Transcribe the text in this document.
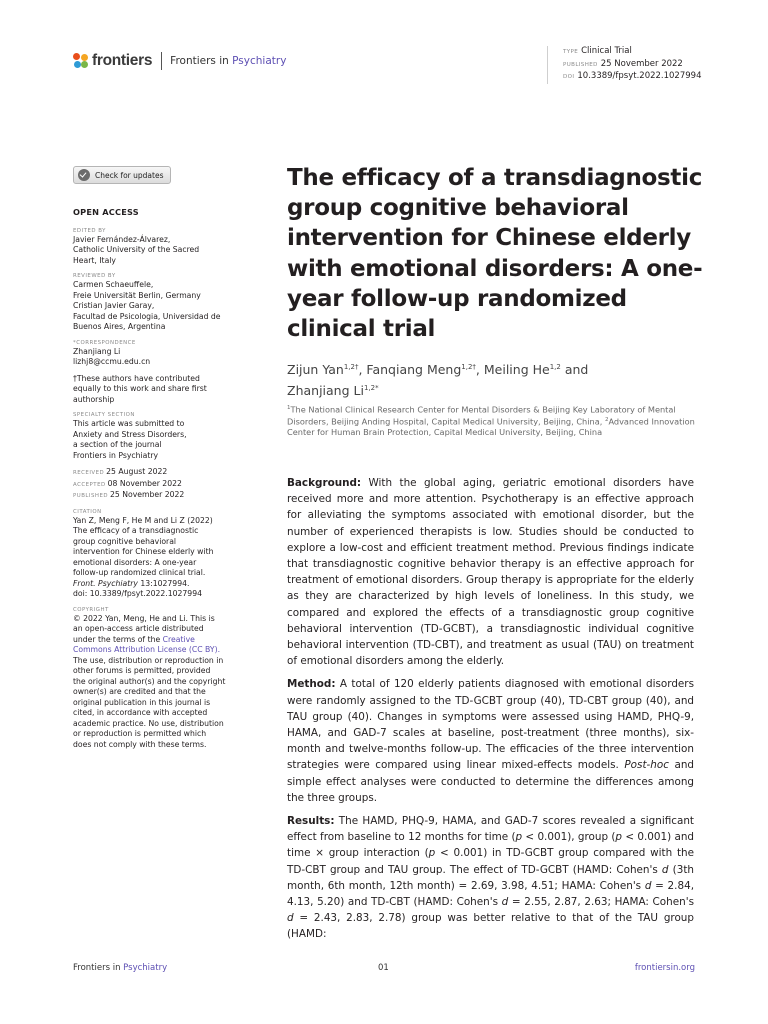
frontiers Frontiers in Psychiatry
TYPE Clinical Trial
PUBLISHED 25 November 2022
DOI 10.3389/fpsyt.2022.1027994
Check for updates
OPEN ACCESS
EDITED BY
Javier Fernández-Álvarez,
Catholic University of the Sacred
Heart, Italy
REVIEWED BY
Carmen Schaeuffele,
Freie Universität Berlin, Germany
Cristian Javier Garay,
Facultad de Psicologia, Universidad de
Buenos Aires, Argentina
*CORRESPONDENCE
Zhanjiang Li
lizhj8@ccmu.edu.cn
†These authors have contributed
equally to this work and share first
authorship
SPECIALTY SECTION
This article was submitted to
Anxiety and Stress Disorders,
a section of the journal
Frontiers in Psychiatry
RECEIVED 25 August 2022
ACCEPTED 08 November 2022
PUBLISHED 25 November 2022
CITATION
Yan Z, Meng F, He M and Li Z (2022)
The efficacy of a transdiagnostic
group cognitive behavioral
intervention for Chinese elderly with
emotional disorders: A one-year
follow-up randomized clinical trial.
Front. Psychiatry 13:1027994.
doi: 10.3389/fpsyt.2022.1027994
COPYRIGHT
© 2022 Yan, Meng, He and Li. This is
an open-access article distributed
under the terms of the Creative
Commons Attribution License (CC BY).
The use, distribution or reproduction in
other forums is permitted, provided
the original author(s) and the copyright
owner(s) are credited and that the
original publication in this journal is
cited, in accordance with accepted
academic practice. No use, distribution
or reproduction is permitted which
does not comply with these terms.
The efficacy of a transdiagnostic group cognitive behavioral intervention for Chinese elderly with emotional disorders: A one-year follow-up randomized clinical trial
Zijun Yan$^{1,2\dagger}$, Fanqiang Meng$^{1,2\dagger}$, Meiling He$^{1,2}$ and
Zhanjiang $Li^{1,2*}$
$^1$The National Clinical Research Center for Mental Disorders & Beijing Key Laboratory of Mental Disorders, Beijing Anding Hospital, Capital Medical University, Beijing, China, $^2$Advanced Innovation Center for Human Brain Protection, Capital Medical University, Beijing, China

Background: With the global aging, geriatric emotional disorders have received more and more attention. Psychotherapy is an effective approach for alleviating the symptoms associated with emotional disorder, but the number of experienced therapists is low. Studies should be conducted to explore a low-cost and efficient treatment method. Previous findings indicate that transdiagnostic cognitive behavior therapy is an effective approach for treatment of emotional disorders. Group therapy is appropriate for the elderly as they are characterized by high levels of loneliness. In this study, we compared and explored the effects of a transdiagnostic group cognitive behavioral intervention (TD-GCBT), a transdiagnostic individual cognitive behavioral intervention (TD-CBT), and treatment as usual (TAU) on treatment of emotional disorders among the elderly.

Method: A total of 120 elderly patients diagnosed with emotional disorders were randomly assigned to the TD-GCBT group (40), TD-CBT group (40), and TAU group (40). Changes in symptoms were assessed using HAMD, PHQ-9, HAMA, and GAD-7 scales at baseline, post-treatment (three months), six-month and twelve-months follow-up. The efficacies of the three intervention strategies were compared using linear mixed-effects models. Post-hoc and simple effect analyses were conducted to determine the differences among the three groups.

Results: The HAMD, PHQ-9, HAMA, and GAD-7 scores revealed a significant effect from baseline to 12 months for time (p < 0.001), group (p < 0.001) and time × group interaction (p < 0.001) in TD-GCBT group compared with the TD-CBT group and TAU group. The effect of TD-GCBT (HAMD: Cohen's d (3th month, 6th month, 12th month) = 2.69, 3.98, 4.51; HAMA: Cohen's d = 2.84, 4.13, 5.20) and TD-CBT (HAMD: Cohen's d = 2.55, 2.87, 2.63; HAMA: Cohen's d = 2.43, 2.83, 2.78) group was better relative to that of the TAU group (HAMD:

Frontiers in Psychiatry	01	frontiersin.org
